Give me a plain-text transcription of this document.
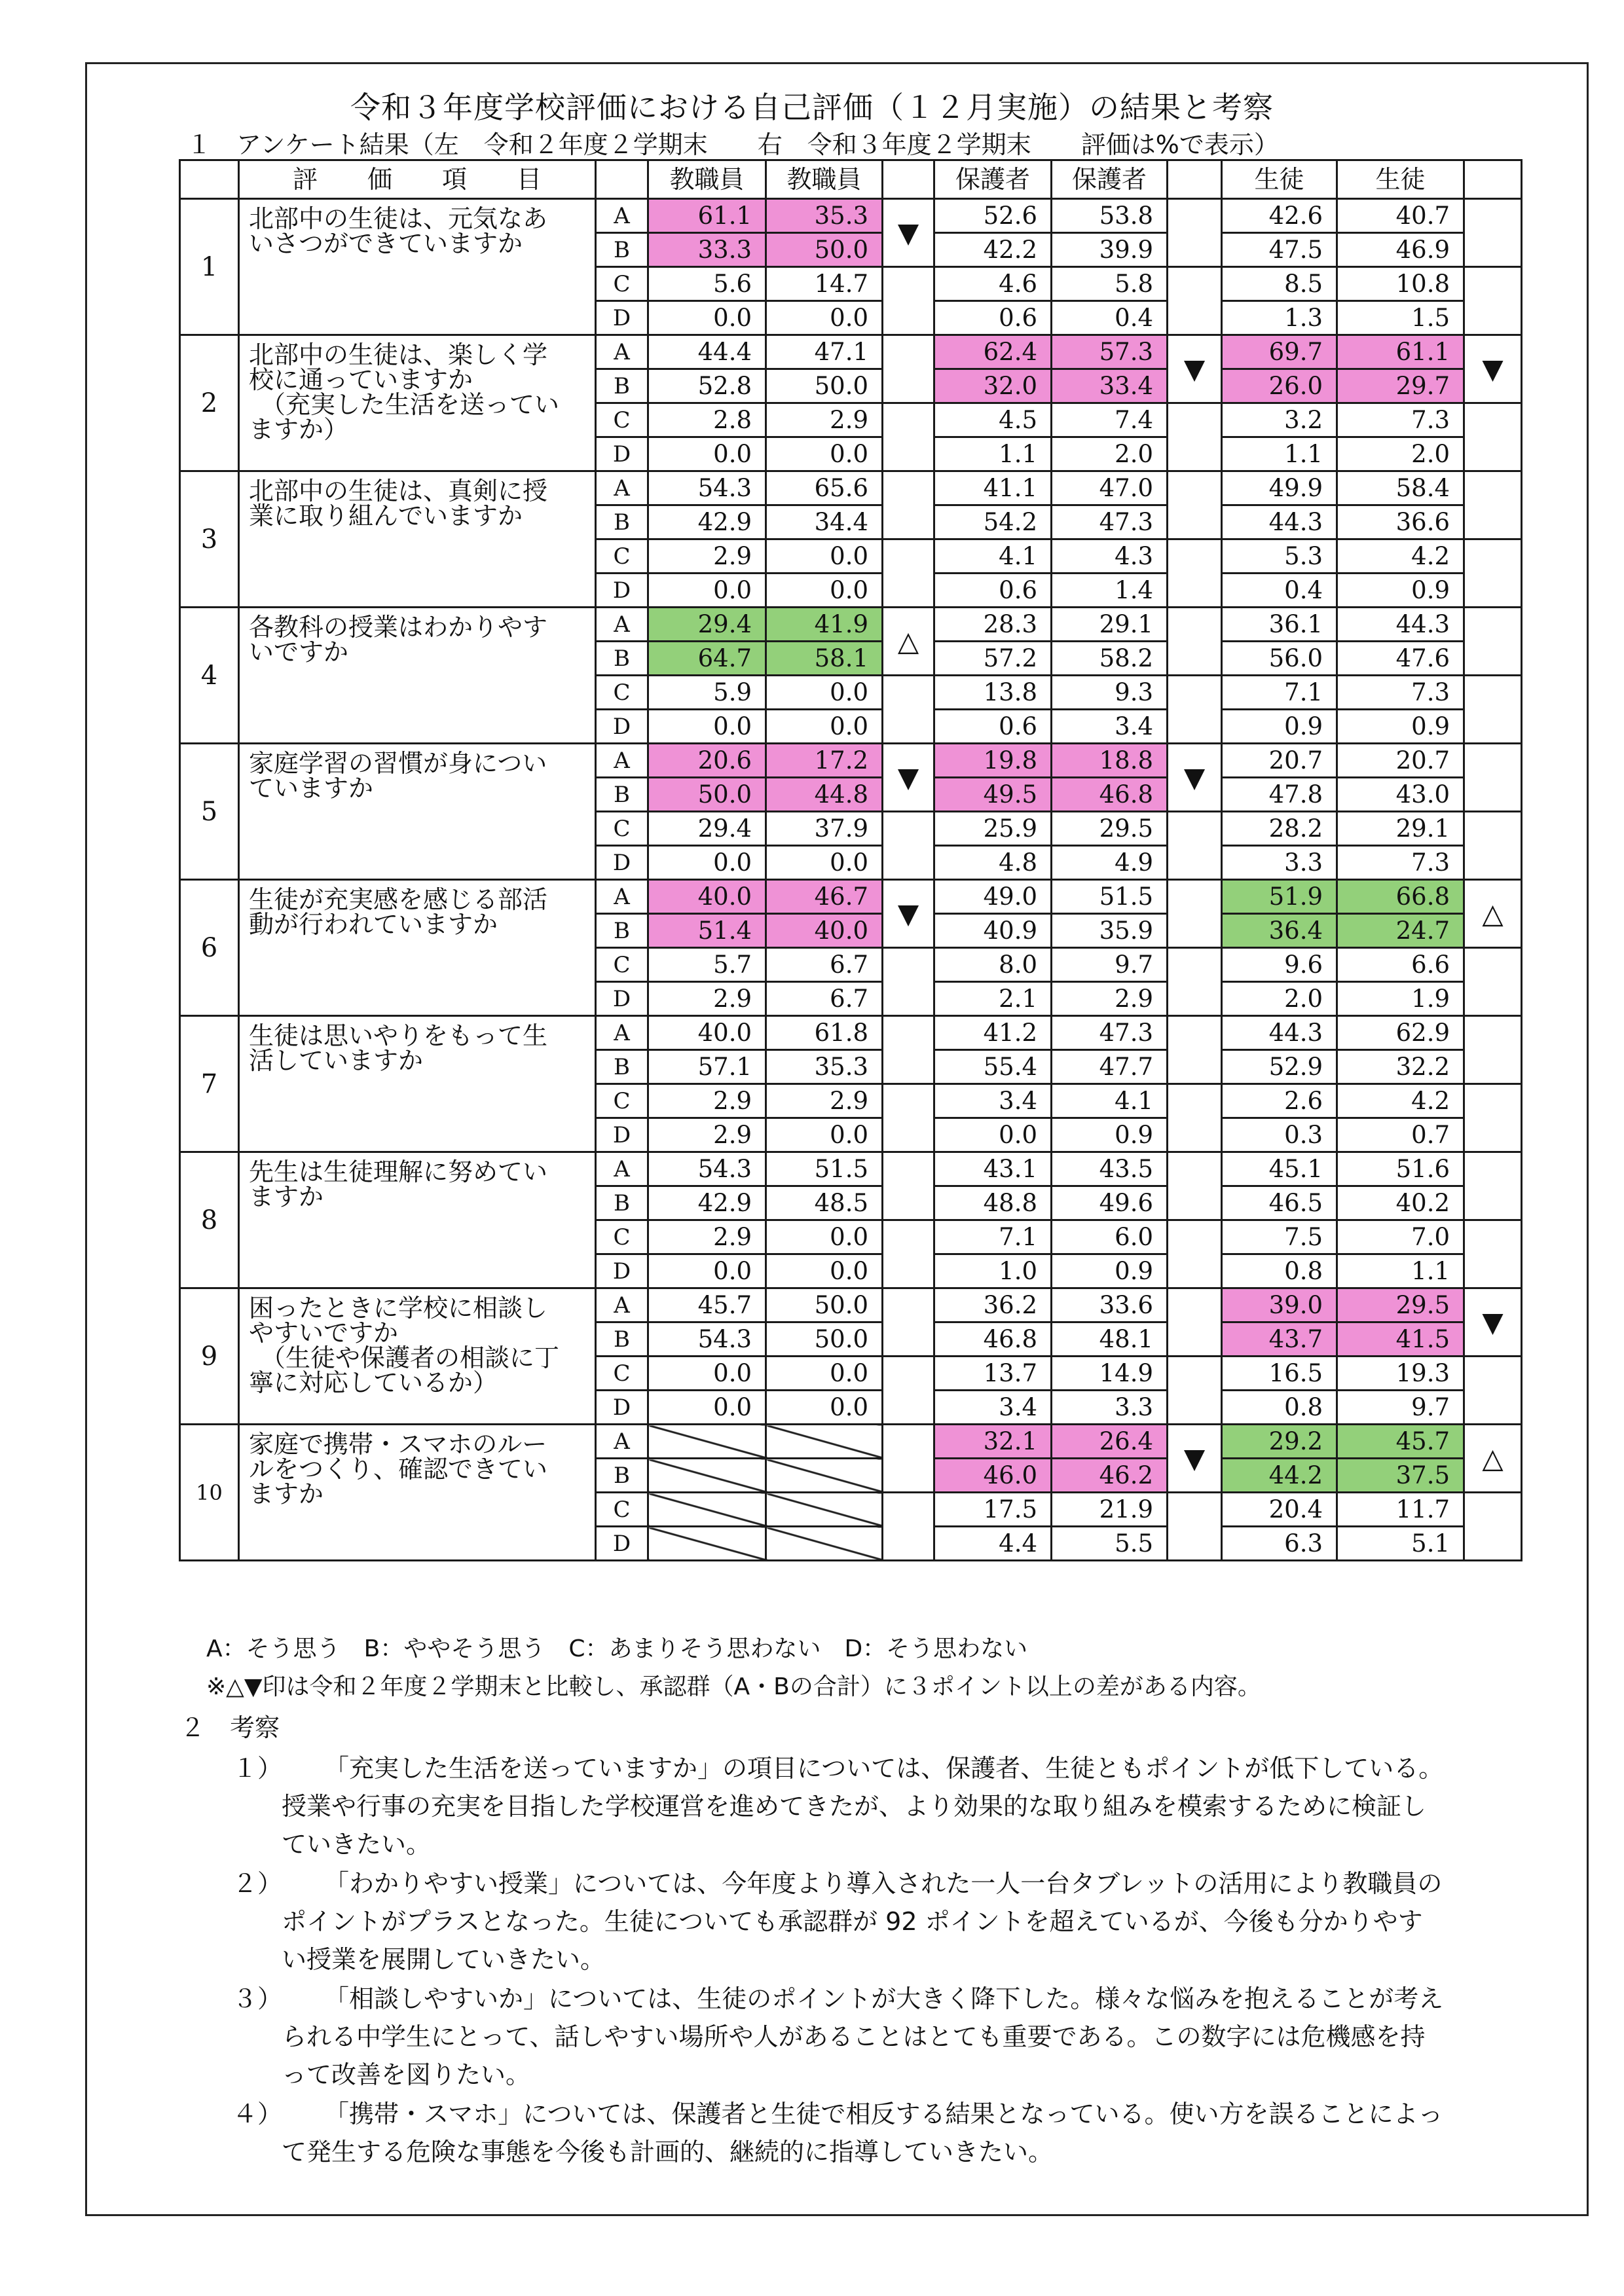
令和３年度学校評価における自己評価（１２月実施）の結果と考察
１　アンケート結果（左　令和２年度２学期末　　右　令和３年度２学期末　　評価は%で表示）
	評　　価　　項　　目		教職員	教職員		保護者	保護者		生徒	生徒	
1	北部中の生徒は、元気なあ
いさつができていますか	A	61.1	35.3	▼	52.6	53.8		42.6	40.7	
		B	33.3	50.0		42.2	39.9		47.5	46.9	
		C	5.6	14.7		4.6	5.8		8.5	10.8	
		D	0.0	0.0		0.6	0.4		1.3	1.5	
2	北部中の生徒は、楽しく学
校に通っていますか
（充実した生活を送ってい
ますか）	A	44.4	47.1		62.4	57.3	▼	69.7	61.1	▼
		B	52.8	50.0		32.0	33.4		26.0	29.7	
		C	2.8	2.9		4.5	7.4		3.2	7.3	
		D	0.0	0.0		1.1	2.0		1.1	2.0	
3	北部中の生徒は、真剣に授
業に取り組んでいますか	A	54.3	65.6		41.1	47.0		49.9	58.4	
		B	42.9	34.4		54.2	47.3		44.3	36.6	
		C	2.9	0.0		4.1	4.3		5.3	4.2	
		D	0.0	0.0		0.6	1.4		0.4	0.9	
4	各教科の授業はわかりやす
いですか	A	29.4	41.9	△	28.3	29.1		36.1	44.3	
		B	64.7	58.1		57.2	58.2		56.0	47.6	
		C	5.9	0.0		13.8	9.3		7.1	7.3	
		D	0.0	0.0		0.6	3.4		0.9	0.9	
5	家庭学習の習慣が身につい
ていますか	A	20.6	17.2	▼	19.8	18.8	▼	20.7	20.7	
		B	50.0	44.8		49.5	46.8		47.8	43.0	
		C	29.4	37.9		25.9	29.5		28.2	29.1	
		D	0.0	0.0		4.8	4.9		3.3	7.3	
6	生徒が充実感を感じる部活
動が行われていますか	A	40.0	46.7	▼	49.0	51.5		51.9	66.8	△
		B	51.4	40.0		40.9	35.9		36.4	24.7	
		C	5.7	6.7		8.0	9.7		9.6	6.6	
		D	2.9	6.7		2.1	2.9		2.0	1.9	
7	生徒は思いやりをもって生
活していますか	A	40.0	61.8		41.2	47.3		44.3	62.9	
		B	57.1	35.3		55.4	47.7		52.9	32.2	
		C	2.9	2.9		3.4	4.1		2.6	4.2	
		D	2.9	0.0		0.0	0.9		0.3	0.7	
8	先生は生徒理解に努めてい
ますか	A	54.3	51.5		43.1	43.5		45.1	51.6	
		B	42.9	48.5		48.8	49.6		46.5	40.2	
		C	2.9	0.0		7.1	6.0		7.5	7.0	
		D	0.0	0.0		1.0	0.9		0.8	1.1	
9	困ったときに学校に相談し
やすいですか
（生徒や保護者の相談に丁
寧に対応しているか）	A	45.7	50.0		36.2	33.6		39.0	29.5	▼
		B	54.3	50.0		46.8	48.1		43.7	41.5	
		C	0.0	0.0		13.7	14.9		16.5	19.3	
		D	0.0	0.0		3.4	3.3		0.8	9.7	
10	家庭で携帯・スマホのルー
ルをつくり、確認できてい
ますか	A				32.1	26.4	▼	29.2	45.7	△
		B				46.0	46.2		44.2	37.5	
		C				17.5	21.9		20.4	11.7	
		D				4.4	5.5		6.3	5.1	
A：そう思う　B：ややそう思う　C：あまりそう思わない　D：そう思わない
※△▼印は令和２年度２学期末と比較し、承認群（A・Bの合計）に３ポイント以上の差がある内容。
２　考察
１）	「充実した生活を送っていますか」の項目については、保護者、生徒ともポイントが低下している。
授業や行事の充実を目指した学校運営を進めてきたが、より効果的な取り組みを模索するために検証し
ていきたい。
２）	「わかりやすい授業」については、今年度より導入された一人一台タブレットの活用により教職員の
ポイントがプラスとなった。生徒についても承認群が 92 ポイントを超えているが、今後も分かりやす
い授業を展開していきたい。
３）	「相談しやすいか」については、生徒のポイントが大きく降下した。様々な悩みを抱えることが考え
られる中学生にとって、話しやすい場所や人があることはとても重要である。この数字には危機感を持
って改善を図りたい。
４）	「携帯・スマホ」については、保護者と生徒で相反する結果となっている。使い方を誤ることによっ
て発生する危険な事態を今後も計画的、継続的に指導していきたい。
